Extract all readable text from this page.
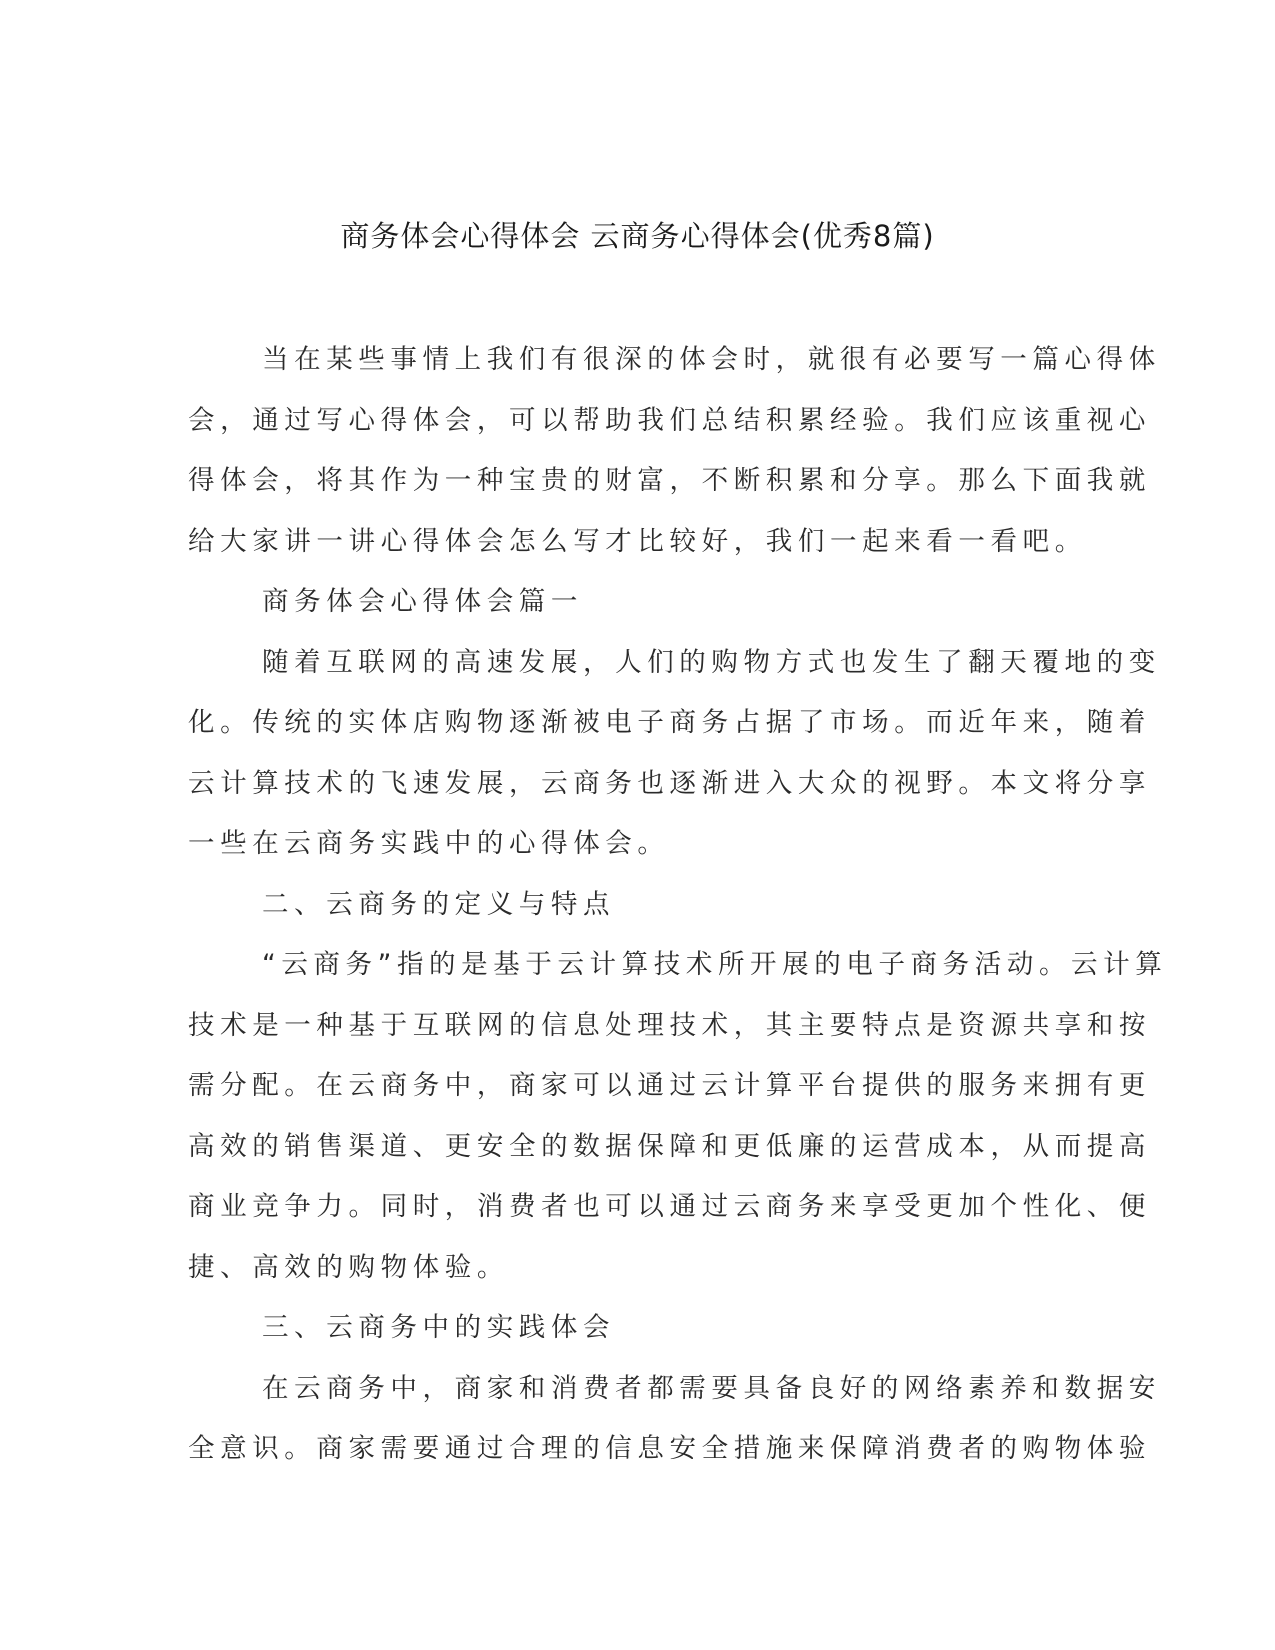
商务体会心得体会 云商务心得体会(优秀8篇)
当在某些事情上我们有很深的体会时，就很有必要写一篇心得体
会，通过写心得体会，可以帮助我们总结积累经验。我们应该重视心
得体会，将其作为一种宝贵的财富，不断积累和分享。那么下面我就
给大家讲一讲心得体会怎么写才比较好，我们一起来看一看吧。
商务体会心得体会篇一
随着互联网的高速发展，人们的购物方式也发生了翻天覆地的变
化。传统的实体店购物逐渐被电子商务占据了市场。而近年来，随着
云计算技术的飞速发展，云商务也逐渐进入大众的视野。本文将分享
一些在云商务实践中的心得体会。
二、云商务的定义与特点
“云商务”指的是基于云计算技术所开展的电子商务活动。云计算
技术是一种基于互联网的信息处理技术，其主要特点是资源共享和按
需分配。在云商务中，商家可以通过云计算平台提供的服务来拥有更
高效的销售渠道、更安全的数据保障和更低廉的运营成本，从而提高
商业竞争力。同时，消费者也可以通过云商务来享受更加个性化、便
捷、高效的购物体验。
三、云商务中的实践体会
在云商务中，商家和消费者都需要具备良好的网络素养和数据安
全意识。商家需要通过合理的信息安全措施来保障消费者的购物体验
